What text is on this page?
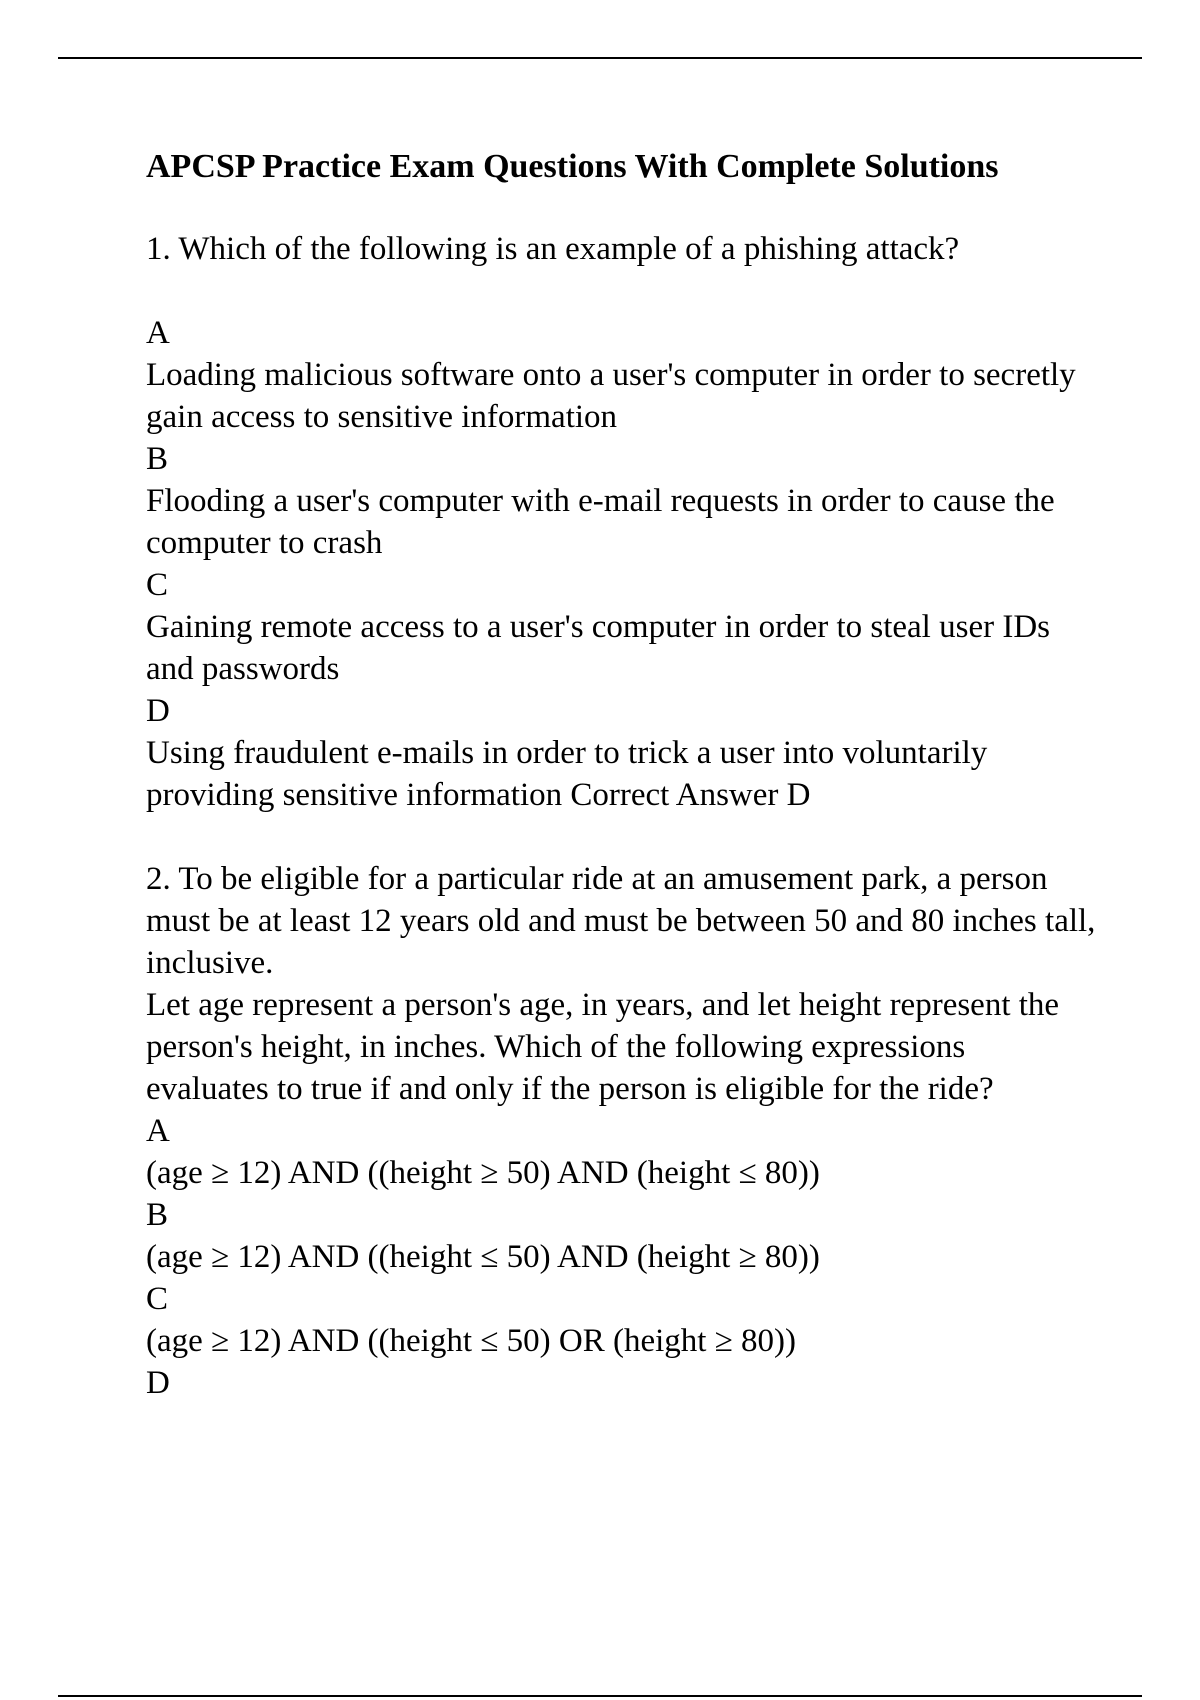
APCSP Practice Exam Questions With Complete Solutions

1. Which of the following is an example of a phishing attack?

A

Loading malicious software onto a user's computer in order to secretly gain access to sensitive information

B

Flooding a user's computer with e-mail requests in order to cause the computer to crash

C

Gaining remote access to a user's computer in order to steal user IDs and passwords

D

Using fraudulent e-mails in order to trick a user into voluntarily providing sensitive information Correct Answer D

2. To be eligible for a particular ride at an amusement park, a person must be at least 12 years old and must be between 50 and 80 inches tall, inclusive.

Let age represent a person's age, in years, and let height represent the person's height, in inches. Which of the following expressions evaluates to true if and only if the person is eligible for the ride?

A

(age ≥ 12) AND ((height ≥ 50) AND (height ≤ 80))

B

(age ≥ 12) AND ((height ≤ 50) AND (height ≥ 80))

C

(age ≥ 12) AND ((height ≤ 50) OR (height ≥ 80))

D
